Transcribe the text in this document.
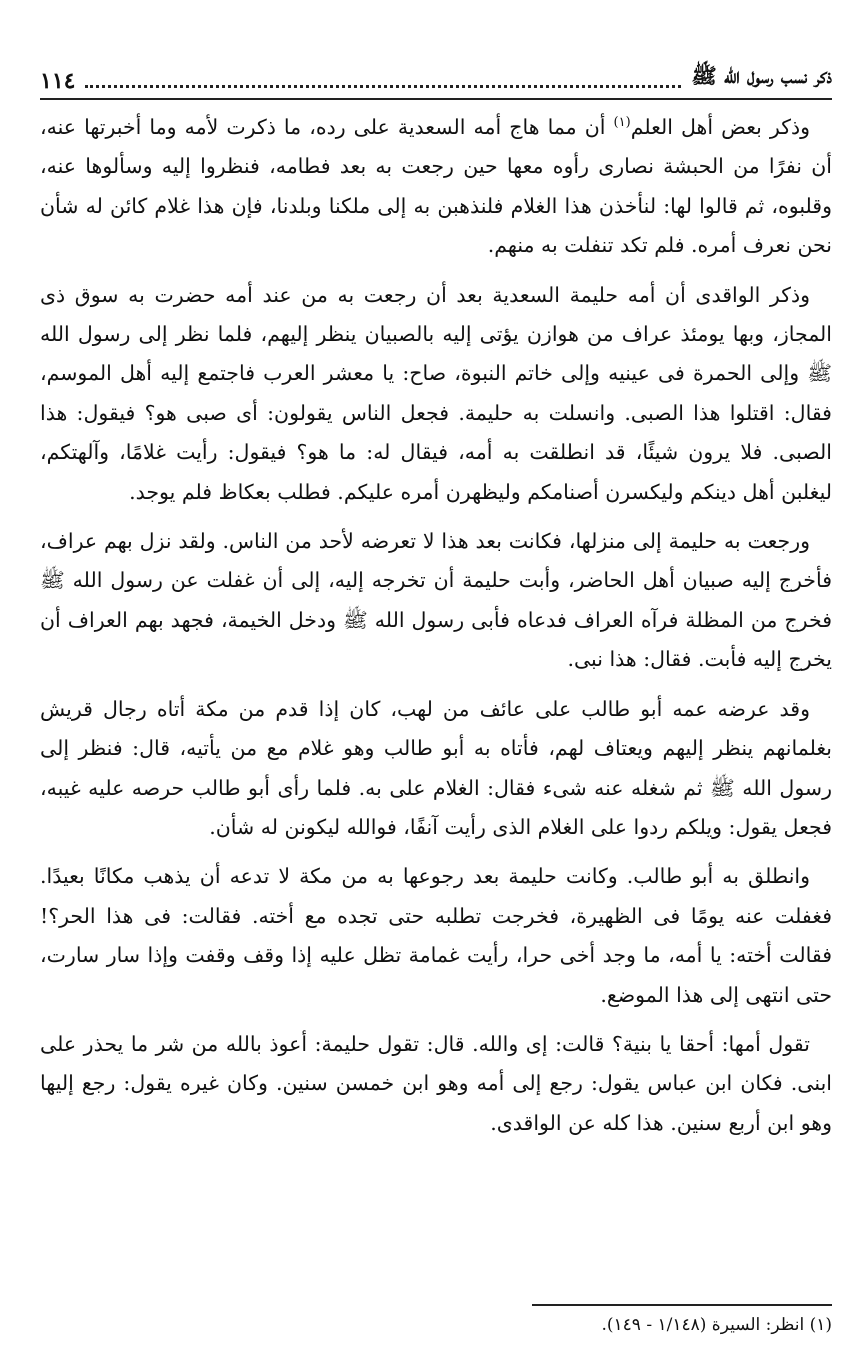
ذكر نسب رسول الله ﷺ
١١٤

وذكر بعض أهل العلم$^{(١)}$ أن مما هاج أمه السعدية على رده، ما ذكرت لأمه وما أخبرتها عنه، أن نفرًا من الحبشة نصارى رأوه معها حين رجعت به بعد فطامه، فنظروا إليه وسألوها عنه، وقلبوه، ثم قالوا لها: لنأخذن هذا الغلام فلنذهبن به إلى ملكنا وبلدنا، فإن هذا غلام كائن له شأن نحن نعرف أمره. فلم تكد تنفلت به منهم.

وذكر الواقدى أن أمه حليمة السعدية بعد أن رجعت به من عند أمه حضرت به سوق ذى المجاز، وبها يومئذ عراف من هوازن يؤتى إليه بالصبيان ينظر إليهم، فلما نظر إلى رسول الله ﷺ وإلى الحمرة فى عينيه وإلى خاتم النبوة، صاح: يا معشر العرب فاجتمع إليه أهل الموسم، فقال: اقتلوا هذا الصبى. وانسلت به حليمة. فجعل الناس يقولون: أى صبى هو؟ فيقول: هذا الصبى. فلا يرون شيئًا، قد انطلقت به أمه، فيقال له: ما هو؟ فيقول: رأيت غلامًا، وآلهتكم، ليغلبن أهل دينكم وليكسرن أصنامكم وليظهرن أمره عليكم. فطلب بعكاظ فلم يوجد.

ورجعت به حليمة إلى منزلها، فكانت بعد هذا لا تعرضه لأحد من الناس. ولقد نزل بهم عراف، فأخرج إليه صبيان أهل الحاضر، وأبت حليمة أن تخرجه إليه، إلى أن غفلت عن رسول الله ﷺ فخرج من المظلة فرآه العراف فدعاه فأبى رسول الله ﷺ ودخل الخيمة، فجهد بهم العراف أن يخرج إليه فأبت. فقال: هذا نبى.

وقد عرضه عمه أبو طالب على عائف من لهب، كان إذا قدم من مكة أتاه رجال قريش بغلمانهم ينظر إليهم ويعتاف لهم، فأتاه به أبو طالب وهو غلام مع من يأتيه، قال: فنظر إلى رسول الله ﷺ ثم شغله عنه شىء فقال: الغلام على به. فلما رأى أبو طالب حرصه عليه غيبه، فجعل يقول: ويلكم ردوا على الغلام الذى رأيت آنفًا، فوالله ليكونن له شأن.

وانطلق به أبو طالب. وكانت حليمة بعد رجوعها به من مكة لا تدعه أن يذهب مكانًا بعيدًا. فغفلت عنه يومًا فى الظهيرة، فخرجت تطلبه حتى تجده مع أخته. فقالت: فى هذا الحر؟! فقالت أخته: يا أمه، ما وجد أخى حرا، رأيت غمامة تظل عليه إذا وقف وقفت وإذا سار سارت، حتى انتهى إلى هذا الموضع.

تقول أمها: أحقا يا بنية؟ قالت: إى والله. قال: تقول حليمة: أعوذ بالله من شر ما يحذر على ابنى. فكان ابن عباس يقول: رجع إلى أمه وهو ابن خمسن سنين. وكان غيره يقول: رجع إليها وهو ابن أربع سنين. هذا كله عن الواقدى.

(١) انظر: السيرة (١/١٤٨ - ١٤٩).
